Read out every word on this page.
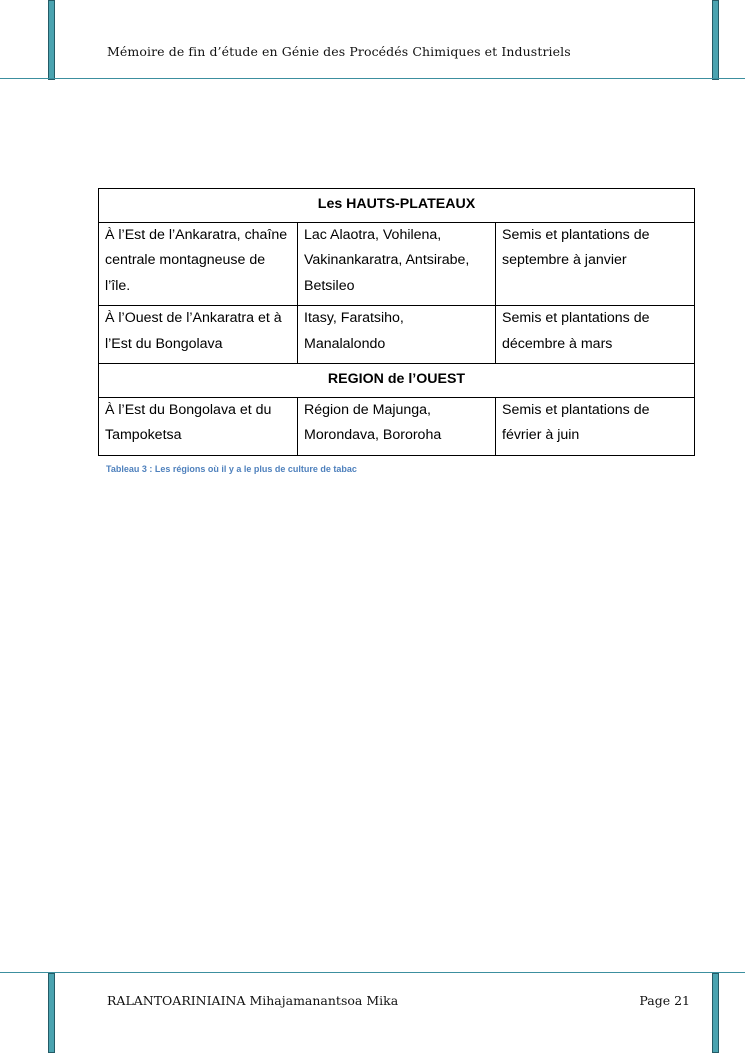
Mémoire de fin d’étude en Génie des Procédés Chimiques et Industriels
Les HAUTS-PLATEAUX		
À l’Est de l’Ankaratra, chaîne centrale montagneuse de l’île.	Lac Alaotra, Vohilena, Vakinankaratra, Antsirabe, Betsileo	Semis et plantations de septembre à janvier
À l’Ouest de l’Ankaratra et à l’Est du Bongolava	Itasy, Faratsiho, Manalalondo	Semis et plantations de décembre à mars
REGION de l’OUEST		
À l’Est du Bongolava et du Tampoketsa	Région de Majunga, Morondava, Bororoha	Semis et plantations de février à juin
Tableau 3 : Les régions où il y a le plus de culture de tabac
RALANTOARINIAINA Mihajamanantsoa Mika	Page 21
